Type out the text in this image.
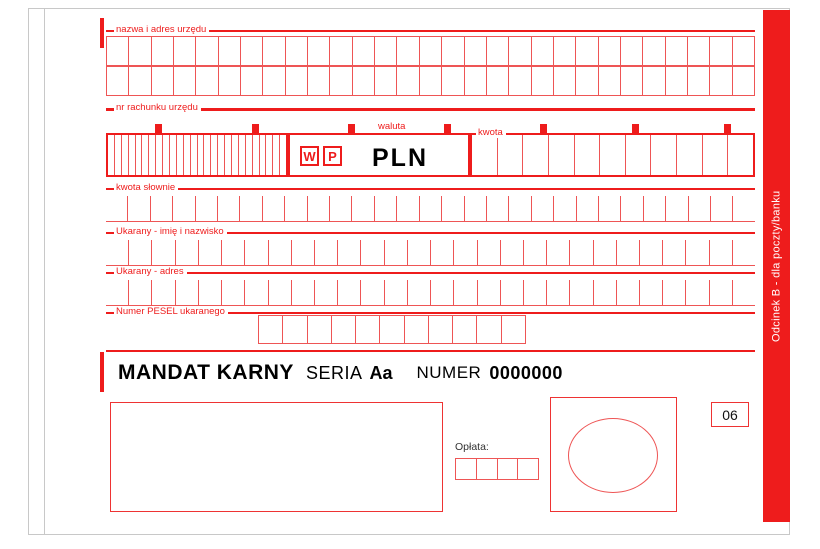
Odcinek B - dla poczty/banku
nazwa i adres urzędu
nr rachunku urzędu
W P PLN
waluta
kwota
kwota słownie
Ukarany - imię i nazwisko
Ukarany - adres
Numer PESEL ukaranego
MANDAT KARNY SERIA Aa NUMER 0000000
Opłata:
06
